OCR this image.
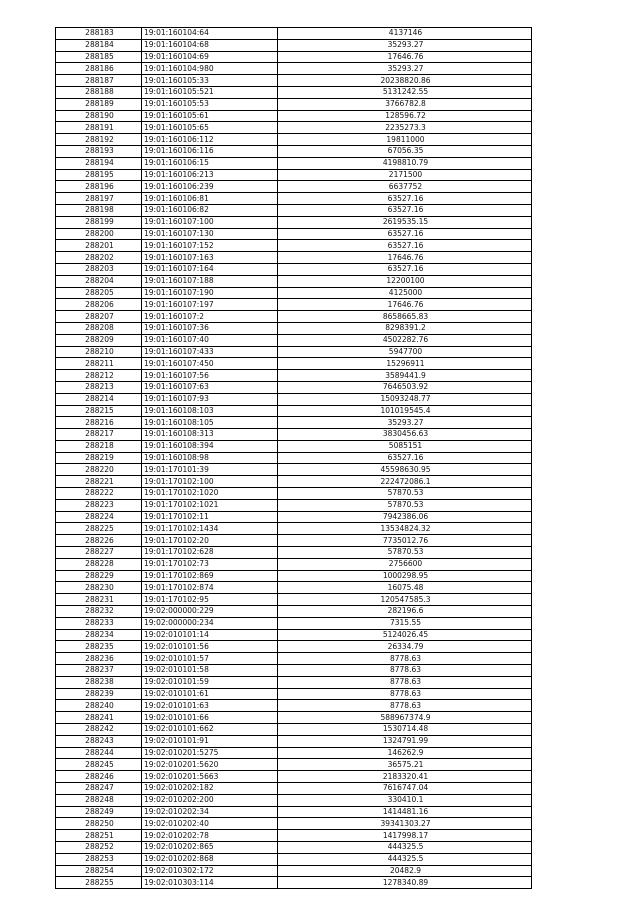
288183	19:01:160104:64	4137146
288184	19:01:160104:68	35293.27
288185	19:01:160104:69	17646.76
288186	19:01:160104:980	35293.27
288187	19:01:160105:33	20238820.86
288188	19:01:160105:521	5131242.55
288189	19:01:160105:53	3766782.8
288190	19:01:160105:61	128596.72
288191	19:01:160105:65	2235273.3
288192	19:01:160106:112	19811000
288193	19:01:160106:116	67056.35
288194	19:01:160106:15	4198810.79
288195	19:01:160106:213	2171500
288196	19:01:160106:239	6637752
288197	19:01:160106:81	63527.16
288198	19:01:160106:82	63527.16
288199	19:01:160107:100	2619535.15
288200	19:01:160107:130	63527.16
288201	19:01:160107:152	63527.16
288202	19:01:160107:163	17646.76
288203	19:01:160107:164	63527.16
288204	19:01:160107:188	12200100
288205	19:01:160107:190	4125000
288206	19:01:160107:197	17646.76
288207	19:01:160107:2	8658665.83
288208	19:01:160107:36	8298391.2
288209	19:01:160107:40	4502282.76
288210	19:01:160107:433	5947700
288211	19:01:160107:450	15296911
288212	19:01:160107:56	3589441.9
288213	19:01:160107:63	7646503.92
288214	19:01:160107:93	15093248.77
288215	19:01:160108:103	101019545.4
288216	19:01:160108:105	35293.27
288217	19:01:160108:313	3830456.63
288218	19:01:160108:394	5085151
288219	19:01:160108:98	63527.16
288220	19:01:170101:39	45598630.95
288221	19:01:170102:100	222472086.1
288222	19:01:170102:1020	57870.53
288223	19:01:170102:1021	57870.53
288224	19:01:170102:11	7942386.06
288225	19:01:170102:1434	13534824.32
288226	19:01:170102:20	7735012.76
288227	19:01:170102:628	57870.53
288228	19:01:170102:73	2756600
288229	19:01:170102:869	1000298.95
288230	19:01:170102:874	16075.48
288231	19:01:170102:95	120547585.3
288232	19:02:000000:229	282196.6
288233	19:02:000000:234	7315.55
288234	19:02:010101:14	5124026.45
288235	19:02:010101:56	26334.79
288236	19:02:010101:57	8778.63
288237	19:02:010101:58	8778.63
288238	19:02:010101:59	8778.63
288239	19:02:010101:61	8778.63
288240	19:02:010101:63	8778.63
288241	19:02:010101:66	588967374.9
288242	19:02:010101:662	1530714.48
288243	19:02:010101:91	1324791.99
288244	19:02:010201:5275	146262.9
288245	19:02:010201:5620	36575.21
288246	19:02:010201:5663	2183320.41
288247	19:02:010202:182	7616747.04
288248	19:02:010202:200	330410.1
288249	19:02:010202:34	1414481.16
288250	19:02:010202:40	39341303.27
288251	19:02:010202:78	1417998.17
288252	19:02:010202:865	444325.5
288253	19:02:010202:868	444325.5
288254	19:02:010302:172	20482.9
288255	19:02:010303:114	1278340.89
